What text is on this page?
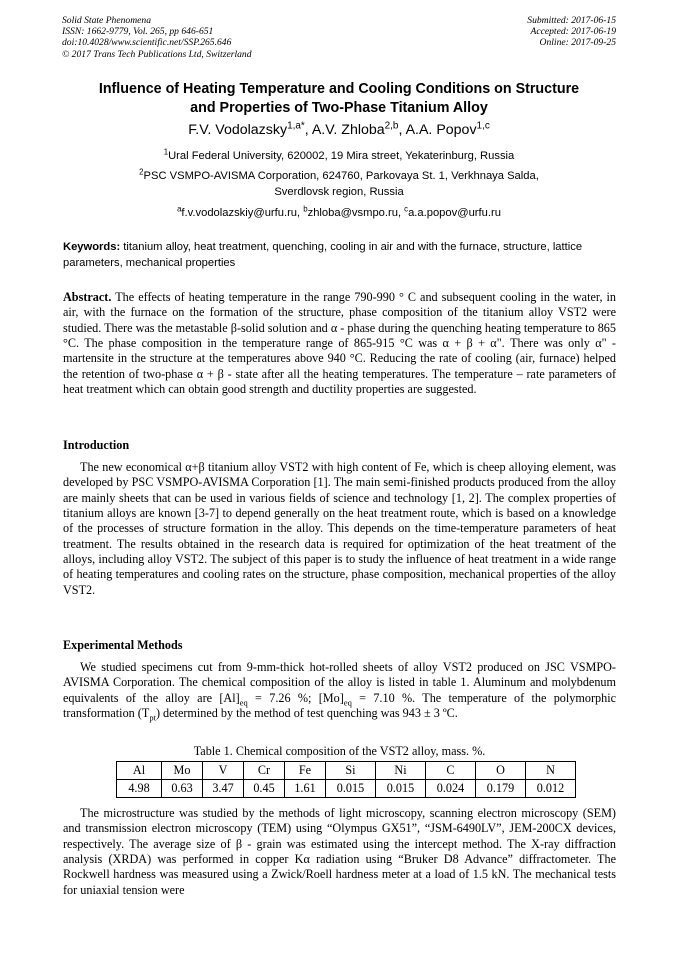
Solid State Phenomena
ISSN: 1662-9779, Vol. 265, pp 646-651
doi:10.4028/www.scientific.net/SSP.265.646
© 2017 Trans Tech Publications Ltd, Switzerland
Submitted: 2017-06-15
Accepted: 2017-06-19
Online: 2017-09-25
Influence of Heating Temperature and Cooling Conditions on Structure
and Properties of Two-Phase Titanium Alloy
F.V. Vodolazsky$^{1,a*}$, A.V. Zhloba$^{2,b}$, A.A. Popov$^{1,c}$
$^1$Ural Federal University, 620002, 19 Mira street, Yekaterinburg, Russia
$^2$PSC VSMPO-AVISMA Corporation, 624760, Parkovaya St. 1, Verkhnaya Salda,
Sverdlovsk region, Russia
$^a$f.v.vodolazskiy@urfu.ru, $^b$zhloba@vsmpo.ru, $^c$a.a.popov@urfu.ru
Keywords: titanium alloy, heat treatment, quenching, cooling in air and with the furnace, structure, lattice parameters, mechanical properties
Abstract. The effects of heating temperature in the range 790-990 ° C and subsequent cooling in the water, in air, with the furnace on the formation of the structure, phase composition of the titanium alloy VST2 were studied. There was the metastable β-solid solution and α - phase during the quenching heating temperature to 865 °C. The phase composition in the temperature range of 865-915 °C was α + β + α". There was only α" - martensite in the structure at the temperatures above 940 °C. Reducing the rate of cooling (air, furnace) helped the retention of two-phase α + β - state after all the heating temperatures. The temperature – rate parameters of heat treatment which can obtain good strength and ductility properties are suggested.
Introduction
The new economical α+β titanium alloy VST2 with high content of Fe, which is cheep alloying element, was developed by PSC VSMPO-AVISMA Corporation [1]. The main semi-finished products produced from the alloy are mainly sheets that can be used in various fields of science and technology [1, 2]. The complex properties of titanium alloys are known [3-7] to depend generally on the heat treatment route, which is based on a knowledge of the processes of structure formation in the alloy. This depends on the time-temperature parameters of heat treatment. The results obtained in the research data is required for optimization of the heat treatment of the alloys, including alloy VST2. The subject of this paper is to study the influence of heat treatment in a wide range of heating temperatures and cooling rates on the structure, phase composition, mechanical properties of the alloy VST2.
Experimental Methods
We studied specimens cut from 9-mm-thick hot-rolled sheets of alloy VST2 produced on JSC VSMPO-AVISMA Corporation. The chemical composition of the alloy is listed in table 1. Aluminum and molybdenum equivalents of the alloy are $[Al]_{eq} = 7.26$ %; $[Mo]_{eq} = 7.10$ %. The temperature of the polymorphic transformation $(T_{pt})$ determined by the method of test quenching was 943 ± 3 ºC.
Table 1. Chemical composition of the VST2 alloy, mass. %.
Al	Mo	V	Cr	Fe	Si	Ni	C	O	N
4.98	0.63	3.47	0.45	1.61	0.015	0.015	0.024	0.179	0.012
The microstructure was studied by the methods of light microscopy, scanning electron microscopy (SEM) and transmission electron microscopy (TEM) using “Olympus GX51”, “JSM-6490LV”, JEM-200CX devices, respectively. The average size of β - grain was estimated using the intercept method. The X-ray diffraction analysis (XRDA) was performed in copper Kα radiation using “Bruker D8 Advance” diffractometer. The Rockwell hardness was measured using a Zwick/Roell hardness meter at a load of 1.5 kN. The mechanical tests for uniaxial tension were
